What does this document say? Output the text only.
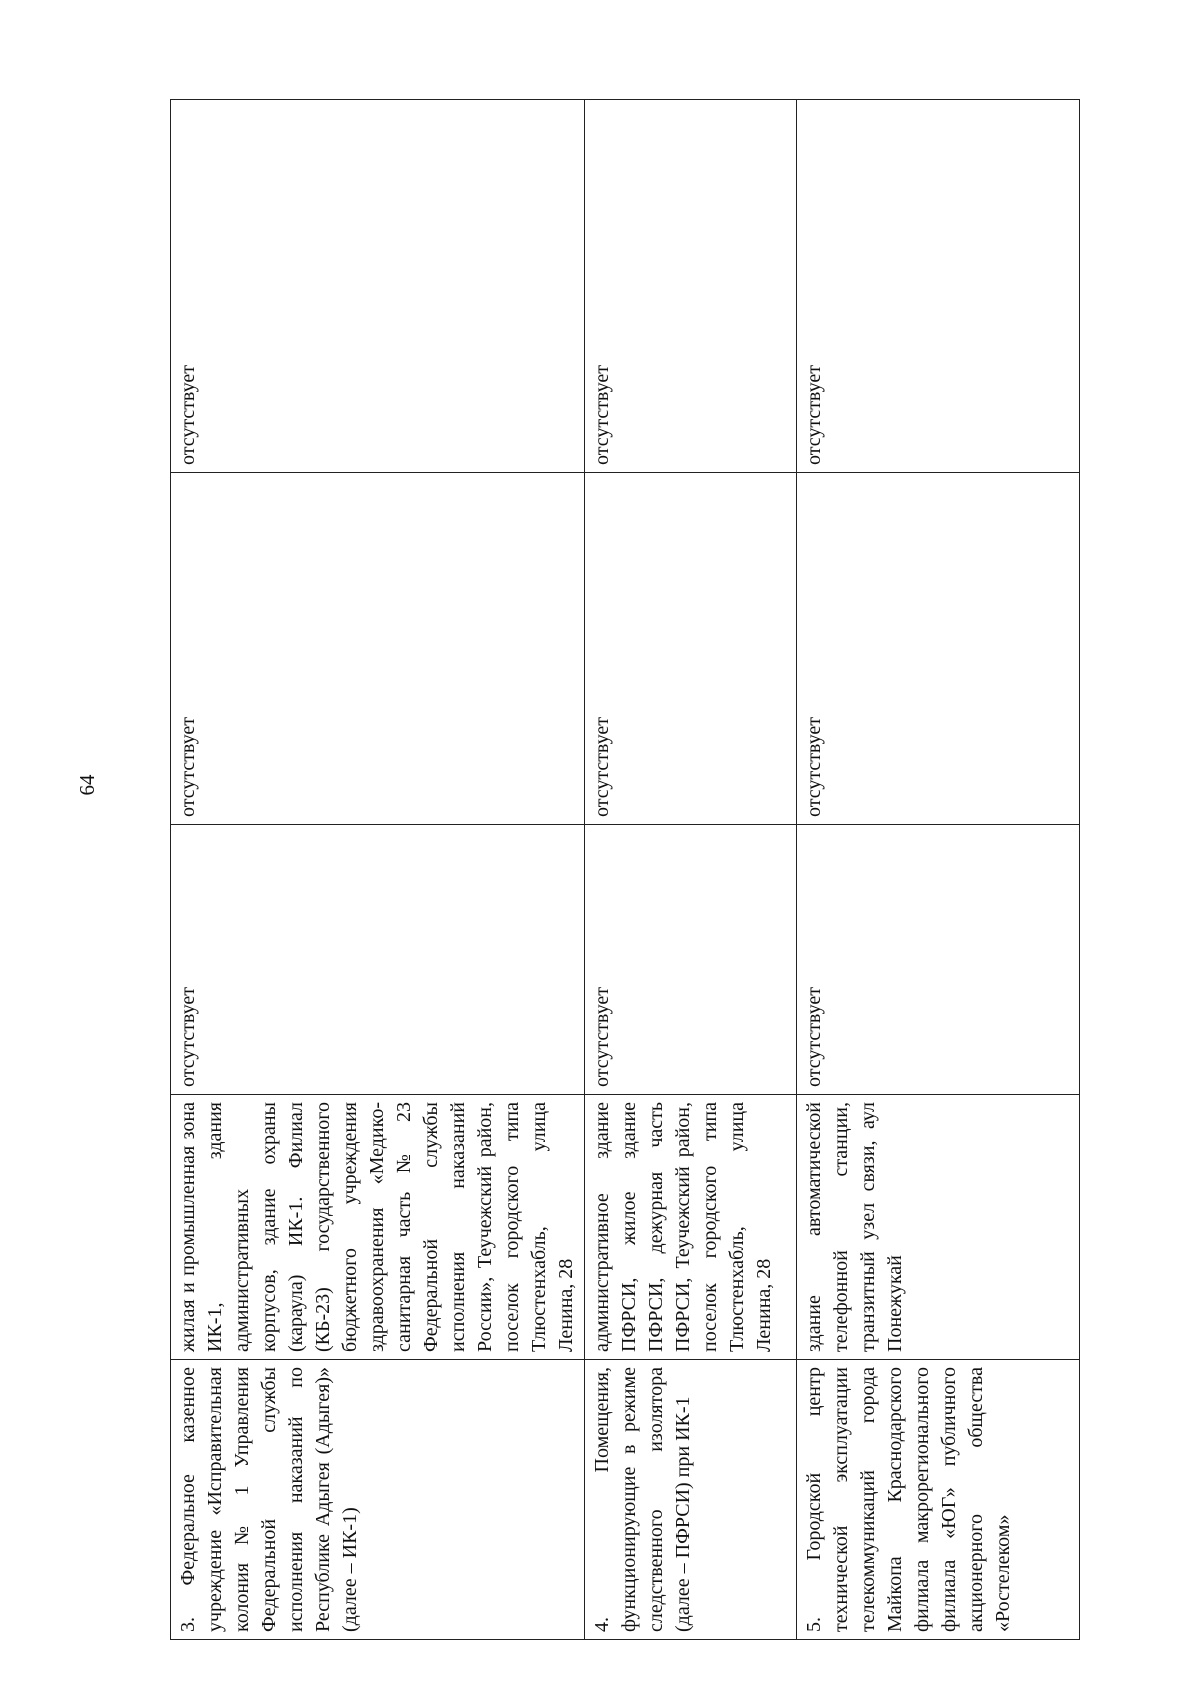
64
3. Федеральное казенное учреждение «Исправительная колония № 1 Управления Федеральной службы исполнения наказаний по Республике Адыгея (Адыгея)» (далее – ИК-1)	жилая и промышленная зона ИК-1, здания административных корпусов, здание охраны (караула) ИК-1. Филиал (КБ-23) государственного бюджетного учреждения здравоохранения «Медико-санитарная часть № 23 Федеральной службы исполнения наказаний России», Теучежский район, поселок городского типа Тлюстенхабль, улица Ленина, 28	отсутствует	отсутствует	отсутствует
4. Помещения, функционирующие в режиме следственного изолятора (далее – ПФРСИ) при ИК-1	административное здание ПФРСИ, жилое здание ПФРСИ, дежурная часть ПФРСИ, Теучежский район, поселок городского типа Тлюстенхабль, улица Ленина, 28	отсутствует	отсутствует	отсутствует
5. Городской центр технической эксплуатации телекоммуникаций города Майкопа Краснодарского филиала макрорегионального филиала «ЮГ» публичного акционерного общества «Ростелеком»	здание автоматической телефонной станции, транзитный узел связи, аул Понежукай	отсутствует	отсутствует	отсутствует
